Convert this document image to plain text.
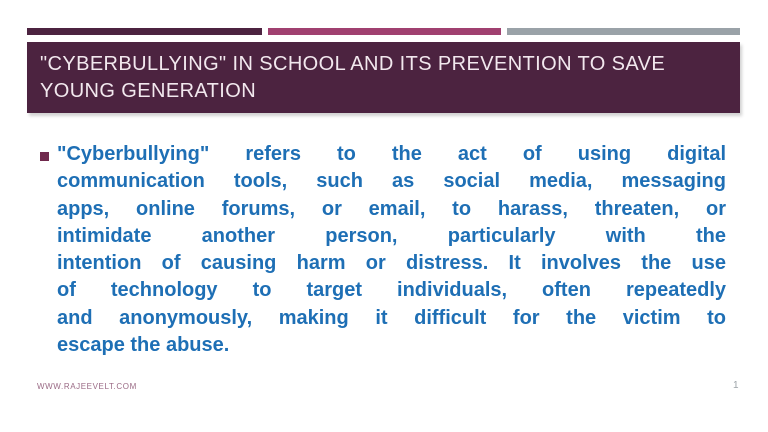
"CYBERBULLYING" IN SCHOOL AND ITS PREVENTION TO SAVE
YOUNG GENERATION
"Cyberbullying" refers to the act of using digital
communication tools, such as social media, messaging
apps, online forums, or email, to harass, threaten, or
intimidate another person, particularly with the
intention of causing harm or distress. It involves the use
of technology to target individuals, often repeatedly
and anonymously, making it difficult for the victim to
escape the abuse.
WWW.RAJEEVELT.COM	1
